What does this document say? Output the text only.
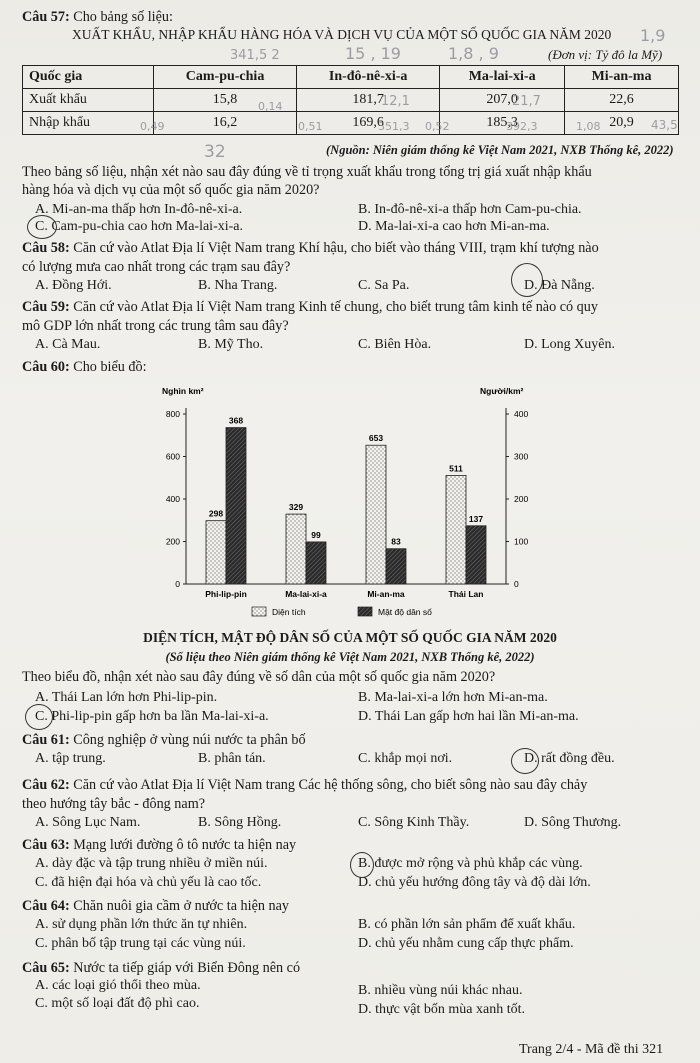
Câu 57: Cho bảng số liệu:
XUẤT KHẨU, NHẬP KHẨU HÀNG HÓA VÀ DỊCH VỤ CỦA MỘT SỐ QUỐC GIA NĂM 2020
(Đơn vị: Tỷ đô la Mỹ)
341,5 2	15 , 19	1,8 , 9
1,9
Quốc gia	Cam-pu-chia	In-đô-nê-xi-a	Ma-lai-xi-a	Mi-an-ma
Xuất khẩu	15,8	181,7	207,0	22,6
Nhập khẩu	16,2	169,6	185,3	20,9
0,14	12,1	21,7
0,49	0,51	351,3 0,52	392,3	1,08	43,5
32	(Nguồn: Niên giám thống kê Việt Nam 2021, NXB Thống kê, 2022)
Theo bảng số liệu, nhận xét nào sau đây đúng về tỉ trọng xuất khẩu trong tổng trị giá xuất nhập khẩu
hàng hóa và dịch vụ của một số quốc gia năm 2020?
A. Mi-an-ma thấp hơn In-đô-nê-xi-a.	B. In-đô-nê-xi-a thấp hơn Cam-pu-chia.
C. Cam-pu-chia cao hơn Ma-lai-xi-a.	D. Ma-lai-xi-a cao hơn Mi-an-ma.
Câu 58: Căn cứ vào Atlat Địa lí Việt Nam trang Khí hậu, cho biết vào tháng VIII, trạm khí tượng nào
có lượng mưa cao nhất trong các trạm sau đây?
A. Đồng Hới.	B. Nha Trang.	C. Sa Pa.	D. Đà Nẵng.
Câu 59: Căn cứ vào Atlat Địa lí Việt Nam trang Kinh tế chung, cho biết trung tâm kinh tế nào có quy
mô GDP lớn nhất trong các trung tâm sau đây?
A. Cà Mau.	B. Mỹ Tho.	C. Biên Hòa.	D. Long Xuyên.
Câu 60: Cho biểu đồ:
Nghìn km²	Người/km²
0
200
400
600
800
0
100
200
300
400
298
368
329
99
653
83
511
137
Phi-lip-pin	Ma-lai-xi-a	Mi-an-ma	Thái Lan
Diện tích	Mật độ dân số
DIỆN TÍCH, MẬT ĐỘ DÂN SỐ CỦA MỘT SỐ QUỐC GIA NĂM 2020
(Số liệu theo Niên giám thống kê Việt Nam 2021, NXB Thống kê, 2022)
Theo biểu đồ, nhận xét nào sau đây đúng về số dân của một số quốc gia năm 2020?
A. Thái Lan lớn hơn Phi-lip-pin.	B. Ma-lai-xi-a lớn hơn Mi-an-ma.
C. Phi-lip-pin gấp hơn ba lần Ma-lai-xi-a.	D. Thái Lan gấp hơn hai lần Mi-an-ma.
Câu 61: Công nghiệp ở vùng núi nước ta phân bố
A. tập trung.	B. phân tán.	C. khắp mọi nơi.	D. rất đồng đều.
Câu 62: Căn cứ vào Atlat Địa lí Việt Nam trang Các hệ thống sông, cho biết sông nào sau đây chảy
theo hướng tây bắc - đông nam?
A. Sông Lục Nam.	B. Sông Hồng.	C. Sông Kinh Thầy.	D. Sông Thương.
Câu 63: Mạng lưới đường ô tô nước ta hiện nay
A. dày đặc và tập trung nhiều ở miền núi.	B. được mở rộng và phủ khắp các vùng.
C. đã hiện đại hóa và chủ yếu là cao tốc.	D. chủ yếu hướng đông tây và độ dài lớn.
Câu 64: Chăn nuôi gia cầm ở nước ta hiện nay
A. sử dụng phần lớn thức ăn tự nhiên.	B. có phần lớn sản phẩm để xuất khẩu.
C. phân bố tập trung tại các vùng núi.	D. chủ yếu nhằm cung cấp thực phẩm.
Câu 65: Nước ta tiếp giáp với Biển Đông nên có
A. các loại gió thổi theo mùa.	B. nhiều vùng núi khác nhau.
C. một số loại đất độ phì cao.	D. thực vật bốn mùa xanh tốt.
Trang 2/4 - Mã đề thi 321
